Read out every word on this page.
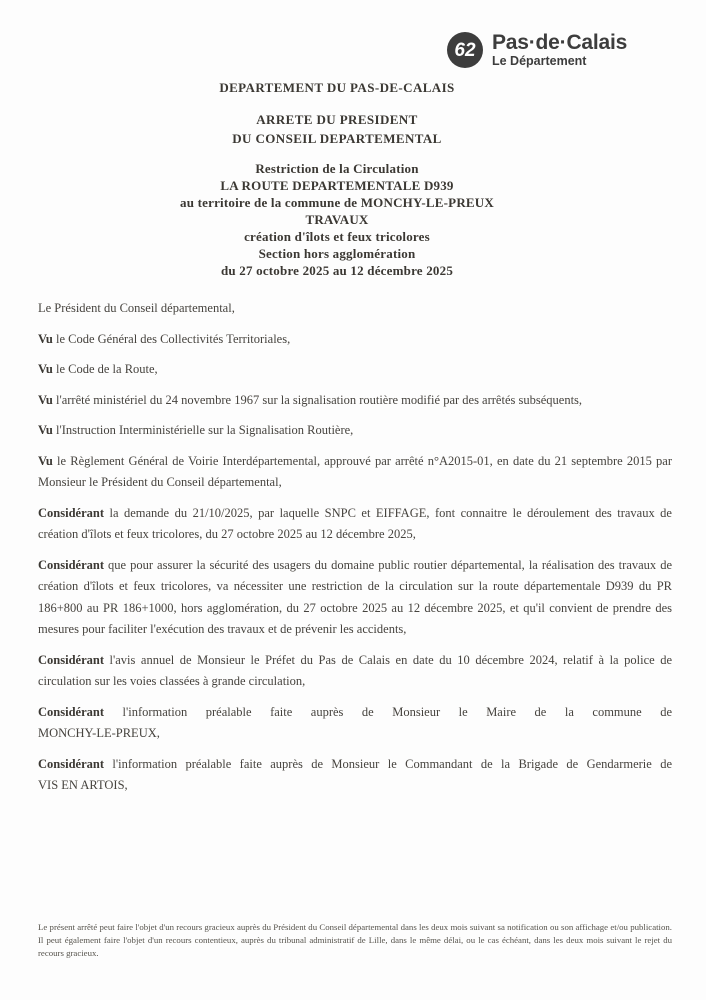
62 Pas·de·Calais
Le Département
DEPARTEMENT DU PAS-DE-CALAIS
ARRETE DU PRESIDENT
DU CONSEIL DEPARTEMENTAL
Restriction de la Circulation
LA ROUTE DEPARTEMENTALE D939
au territoire de la commune de MONCHY-LE-PREUX
TRAVAUX
création d'îlots et feux tricolores
Section hors agglomération
du 27 octobre 2025 au 12 décembre 2025

Le Président du Conseil départemental,

Vu le Code Général des Collectivités Territoriales,

Vu le Code de la Route,

Vu l'arrêté ministériel du 24 novembre 1967 sur la signalisation routière modifié par des arrêtés subséquents,

Vu l'Instruction Interministérielle sur la Signalisation Routière,

Vu le Règlement Général de Voirie Interdépartemental, approuvé par arrêté n°A2015-01, en date du 21 septembre 2015 par Monsieur le Président du Conseil départemental,

Considérant la demande du 21/10/2025, par laquelle SNPC et EIFFAGE, font connaitre le déroulement des travaux de création d'îlots et feux tricolores, du 27 octobre 2025 au 12 décembre 2025,

Considérant que pour assurer la sécurité des usagers du domaine public routier départemental, la réalisation des travaux de création d'îlots et feux tricolores, va nécessiter une restriction de la circulation sur la route départementale D939 du PR 186+800 au PR 186+1000, hors agglomération, du 27 octobre 2025 au 12 décembre 2025, et qu'il convient de prendre des mesures pour faciliter l'exécution des travaux et de prévenir les accidents,

Considérant l'avis annuel de Monsieur le Préfet du Pas de Calais en date du 10 décembre 2024, relatif à la police de circulation sur les voies classées à grande circulation,

Considérant l'information préalable faite auprès de Monsieur le Maire de la commune de
MONCHY-LE-PREUX,

Considérant l'information préalable faite auprès de Monsieur le Commandant de la Brigade de Gendarmerie de
VIS EN ARTOIS,

Le présent arrêté peut faire l'objet d'un recours gracieux auprès du Président du Conseil départemental dans les deux mois suivant sa notification ou son affichage et/ou publication. Il peut également faire l'objet d'un recours contentieux, auprès du tribunal administratif de Lille, dans le même délai, ou le cas échéant, dans les deux mois suivant le rejet du recours gracieux.
